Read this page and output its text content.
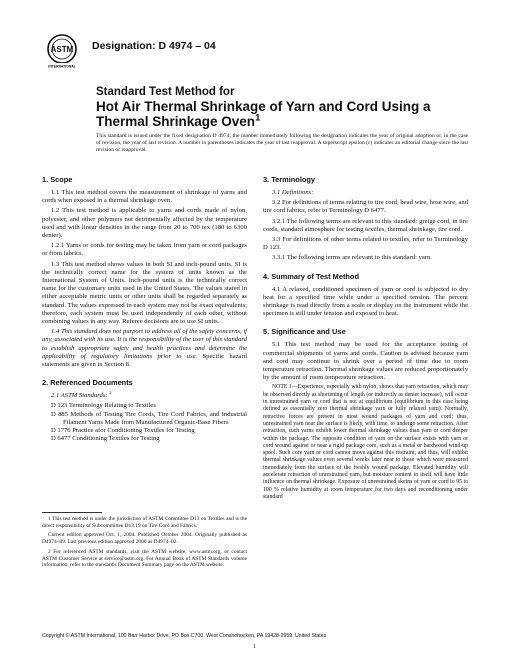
ASTM
INTERNATIONAL
Designation: D 4974 – 04
Standard Test Method for
Hot Air Thermal Shrinkage of Yarn and Cord Using a
Thermal Shrinkage Oven$^1$
This standard is issued under the fixed designation D 4974; the number immediately following the designation indicates the year of original adoption or, in the case of revision, the year of last revision. A number in parentheses indicates the year of last reapproval. A superscript epsilon (ε) indicates an editorial change since the last revision or reapproval.
1. Scope

1.1 This test method covers the measurement of shrinkage of yarns and cords when exposed in a thermal shrinkage oven.

1.2 This test method is applicable to yarns and cords made of nylon, polyester, and other polymers not detrimentally affected by the temperature used and with linear densities in the range from 20 to 700 tex (180 to 6300 denier).

1.2.1 Yarns or cords for testing may be taken from yarn or cord packages or from fabrics.

1.3 This test method shows values in both SI and inch-pound units. SI is the technically correct name for the system of units known as the International System of Units. Inch-pound units is the technically correct name for the customary units used in the United States. The values stated in either acceptable metric units or other units shall be regarded separately as standard. The values expressed in each system may not be exact equivalents; therefore, each system must be used independently of each other, without combining values in any way. Referee decisions are to use SI units.

1.4 This standard does not purport to address all of the safety concerns, if any, associated with its use. It is the responsibility of the user of this standard to establish appropriate safety and health practices and determine the applicability of regulatory limitations prior to use. Specific hazard statements are given in Section 8.

2. Referenced Documents

2.1 ASTM Standards: $^2$

D 123 Terminology Relating to Textiles
D 885 Methods of Testing Tire Cords, Tire Cord Fabrics, and Industrial Filament Yarns Made from Manufactured Organic-Base Fibers
D 1776 Practice afor Conditioning Textiles for Testing
D 6477 Conditioning Textiles for Testing

1 This test method is under the jurisdiction of ASTM Committee D13 on Textiles and is the direct responsibility of Subcommittee D13.19 on Tire Cord and Fabrics.

Current edition approved Oct. 1, 2004. Published October 2004. Originally published as D4974–89. Last previous edition approved 2000 as D4974–02.

2 For referenced ASTM standards, visit the ASTM website, www.astm.org, or contact ASTM Customer Service at service@astm.org. For Annual Book of ASTM Standards volume information, refer to the standard's Document Summary page on the ASTM website.

3. Terminology

3.1 Definitions:

3.2 For definitions of terms relating to tire cord, bead wire, hose wire, and tire cord fabrics, refer to Terminology D 6477.

3.2.1 The following terms are relevant to this standard: greige cord, in tire cords, standard atmosphere for testing textiles, thermal shrinkage, tire cord.

3.3 For definitions of other terms related to textiles, refer to Terminology D 123.

3.3.1 The following terms are relevant to this standard: yarn.

4. Summary of Test Method

4.1 A relaxed, conditioned specimen of yarn or cord is subjected to dry heat for a specified time while under a specified tension. The percent shrinkage is read directly from a scale or display on the instrument while the specimen is still under tension and exposed to heat.

5. Significance and Use

5.1 This test method may be used for the acceptance testing of commercial shipments of yarns and cords. Caution is advised because yarn and cord may continue to shrink over a period of time due to room temperature retraction. Thermal shrinkage values are reduced proportionately by the amount of room temperature retraction.

NOTE 1—Experience, especially with nylon, shows that yarn retraction, which may be observed directly as shortening of length (or indirectly as denier increase), will occur in unrestrained yarn or cord that is not at equilibrium (equilibrium in this case being defined as essentially zero thermal shrinkage yarn or fully relaxed yarn). Normally, retractive forces are present in most wound packages of yarn and cord; thus, unrestrained yarn near the surface is likely, with time, to undergo some retraction. After retraction, such yarns exhibit lower thermal shrinkage values than yarn or cord deeper within the package. The opposite condition of yarn on the surface exists with yarn or cord wound against or near a rigid package core, such as a metal or hardwood wind-up spool. Such core yarn or cord cannot move against this restraint, and thus, will exhibit thermal shrinkage values even several weeks later near to those which were measured immediately from the surface of the freshly wound package. Elevated humidity will accelerate retraction of unrestrained yarn, but moisture content in itself will have little influence on thermal shrinkage. Exposure of unrestrained skeins of yarn or cord to 95 to 100 % relative humidity at room temperature for two days and reconditioning under standard

Copyright © ASTM International, 100 Barr Harbor Drive, PO Box C700, West Conshohocken, PA 19428-2959, United States.
1
